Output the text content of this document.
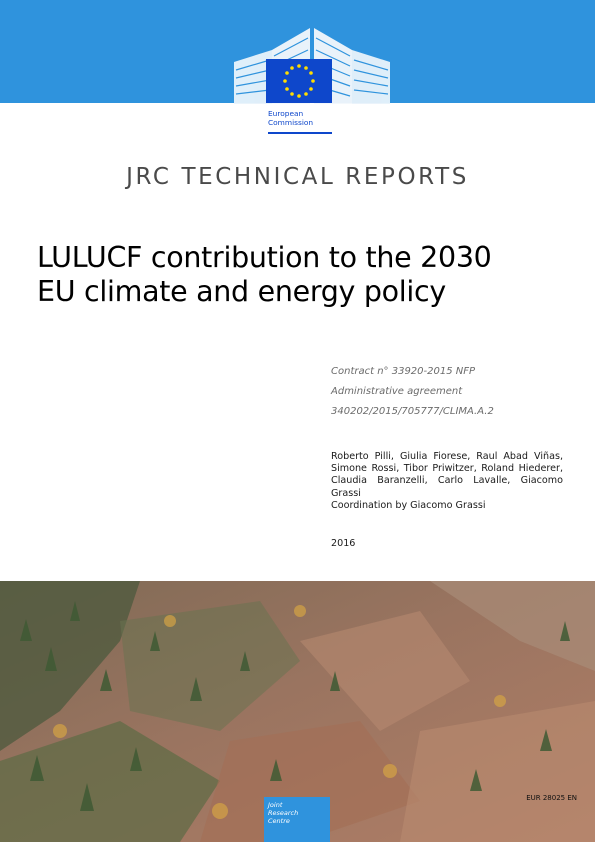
European
Commission
JRC TECHNICAL REPORTS
LULUCF contribution to the 2030
EU climate and energy policy
Contract n° 33920-2015 NFP
Administrative agreement
340202/2015/705777/CLIMA.A.2
Roberto Pilli, Giulia Fiorese, Raul Abad Viñas, Simone Rossi, Tibor Priwitzer, Roland Hiederer, Claudia Baranzelli, Carlo Lavalle, Giacomo Grassi
Coordination by Giacomo Grassi
2016
Joint
Research
Centre
EUR 28025 EN
